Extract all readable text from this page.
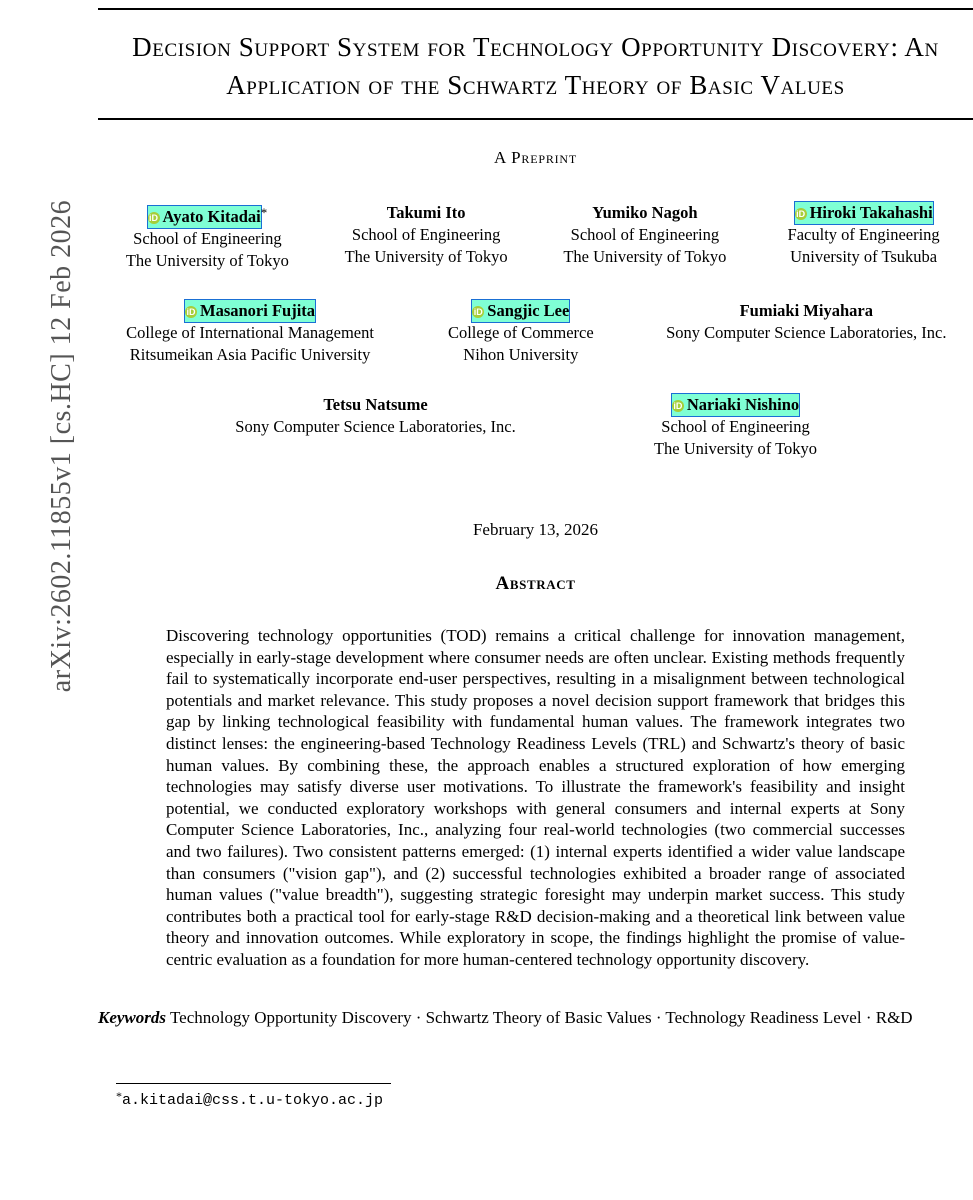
arXiv:2602.11855v1 [cs.HC] 12 Feb 2026
Decision Support System for Technology Opportunity Discovery: An Application of the Schwartz Theory of Basic Values
A Preprint
iD Ayato Kitadai*
School of Engineering
The University of Tokyo
Takumi Ito
School of Engineering
The University of Tokyo
Yumiko Nagoh
School of Engineering
The University of Tokyo
iD Hiroki Takahashi
Faculty of Engineering
University of Tsukuba
iD Masanori Fujita
College of International Management
Ritsumeikan Asia Pacific University
iD Sangjic Lee
College of Commerce
Nihon University
Fumiaki Miyahara
Sony Computer Science Laboratories, Inc.
Tetsu Natsume
Sony Computer Science Laboratories, Inc.
iD Nariaki Nishino
School of Engineering
The University of Tokyo
February 13, 2026
Abstract
Discovering technology opportunities (TOD) remains a critical challenge for innovation management, especially in early-stage development where consumer needs are often unclear. Existing methods frequently fail to systematically incorporate end-user perspectives, resulting in a misalignment between technological potentials and market relevance. This study proposes a novel decision support framework that bridges this gap by linking technological feasibility with fundamental human values. The framework integrates two distinct lenses: the engineering-based Technology Readiness Levels (TRL) and Schwartz's theory of basic human values. By combining these, the approach enables a structured exploration of how emerging technologies may satisfy diverse user motivations. To illustrate the framework's feasibility and insight potential, we conducted exploratory workshops with general consumers and internal experts at Sony Computer Science Laboratories, Inc., analyzing four real-world technologies (two commercial successes and two failures). Two consistent patterns emerged: (1) internal experts identified a wider value landscape than consumers ("vision gap"), and (2) successful technologies exhibited a broader range of associated human values ("value breadth"), suggesting strategic foresight may underpin market success. This study contributes both a practical tool for early-stage R&D decision-making and a theoretical link between value theory and innovation outcomes. While exploratory in scope, the findings highlight the promise of value-centric evaluation as a foundation for more human-centered technology opportunity discovery.
Keywords Technology Opportunity Discovery · Schwartz Theory of Basic Values · Technology Readiness Level · R&D
*a.kitadai@css.t.u-tokyo.ac.jp
